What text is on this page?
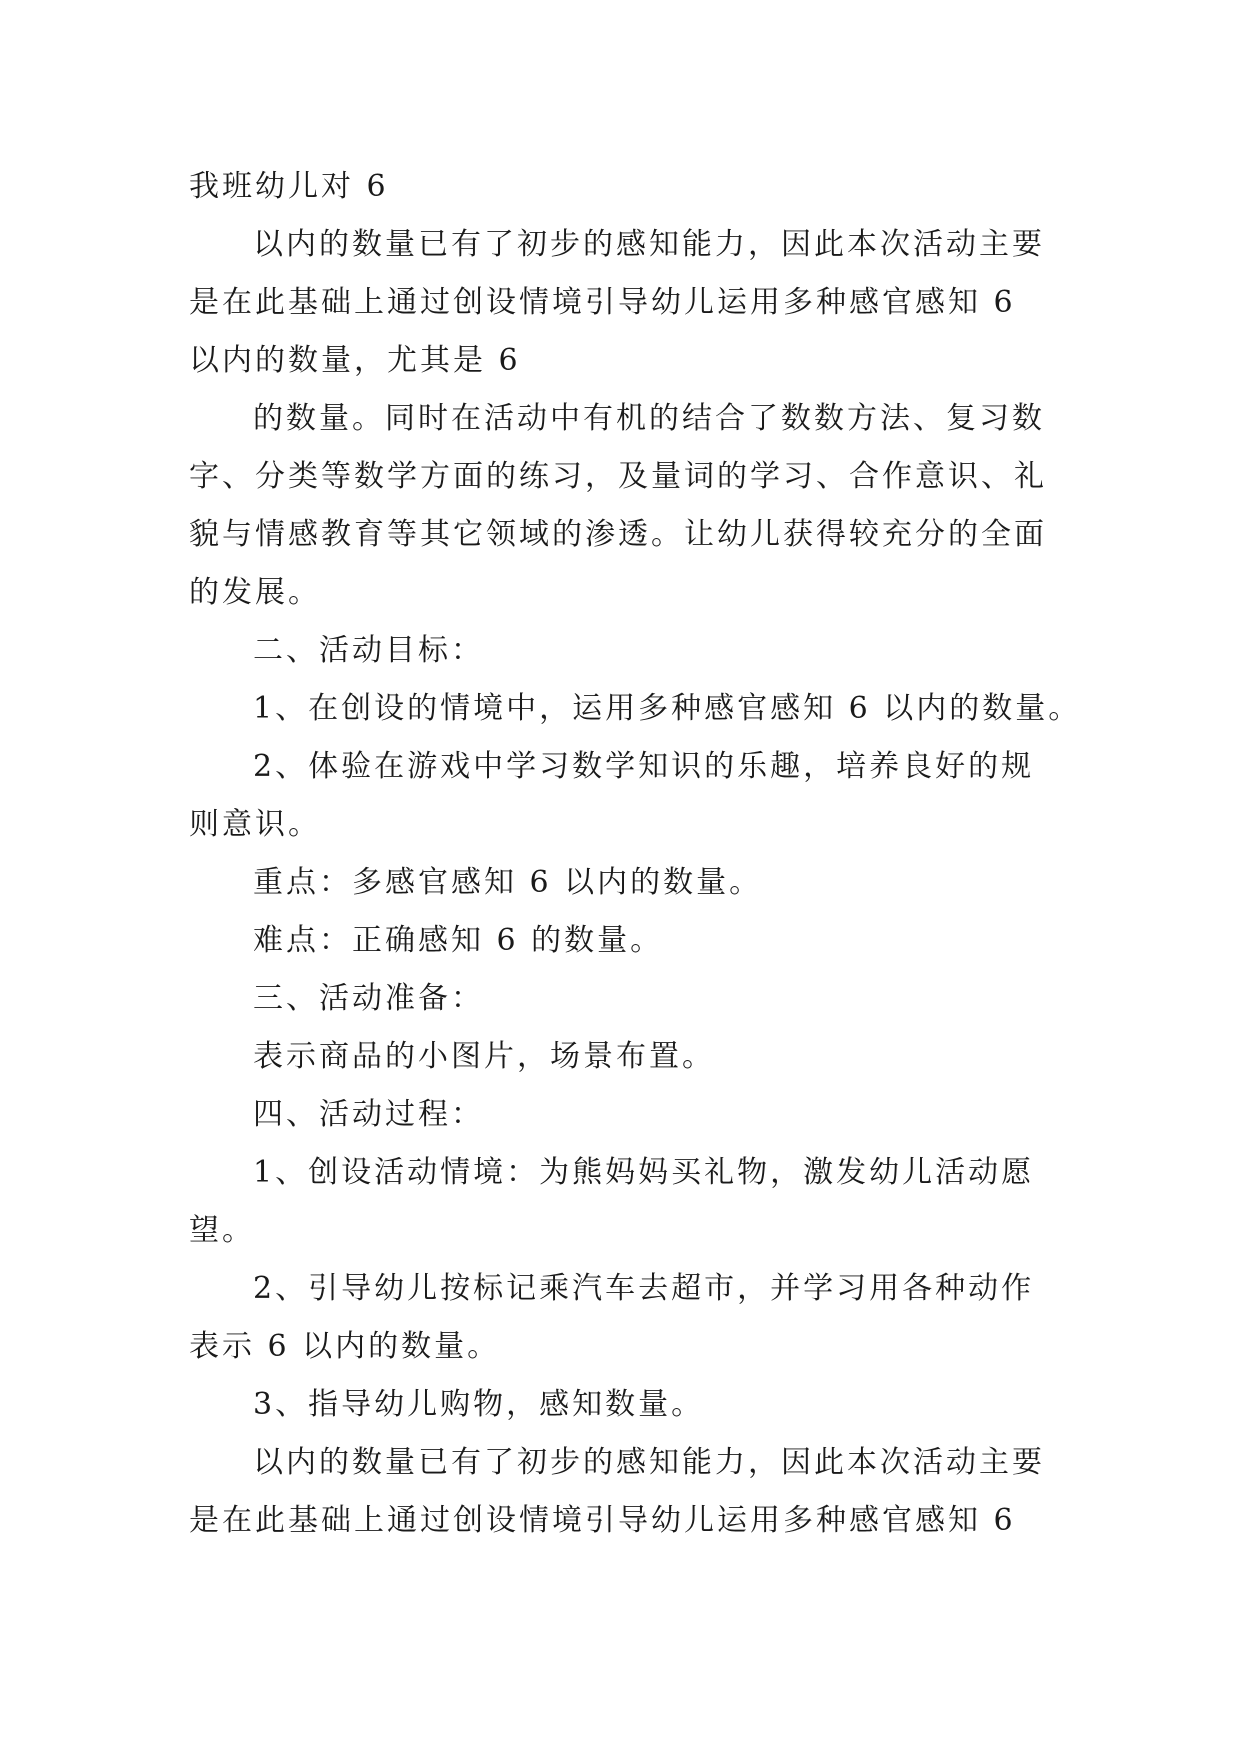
我班幼儿对 6
以内的数量已有了初步的感知能力，因此本次活动主要
是在此基础上通过创设情境引导幼儿运用多种感官感知 6
以内的数量，尤其是 6
的数量。同时在活动中有机的结合了数数方法、复习数
字、分类等数学方面的练习，及量词的学习、合作意识、礼
貌与情感教育等其它领域的渗透。让幼儿获得较充分的全面
的发展。
二、活动目标：
1、在创设的情境中，运用多种感官感知 6 以内的数量。
2、体验在游戏中学习数学知识的乐趣，培养良好的规
则意识。
重点：多感官感知 6 以内的数量。
难点：正确感知 6 的数量。
三、活动准备：
表示商品的小图片，场景布置。
四、活动过程：
1、创设活动情境：为熊妈妈买礼物，激发幼儿活动愿
望。
2、引导幼儿按标记乘汽车去超市，并学习用各种动作
表示 6 以内的数量。
3、指导幼儿购物，感知数量。
以内的数量已有了初步的感知能力，因此本次活动主要
是在此基础上通过创设情境引导幼儿运用多种感官感知 6
